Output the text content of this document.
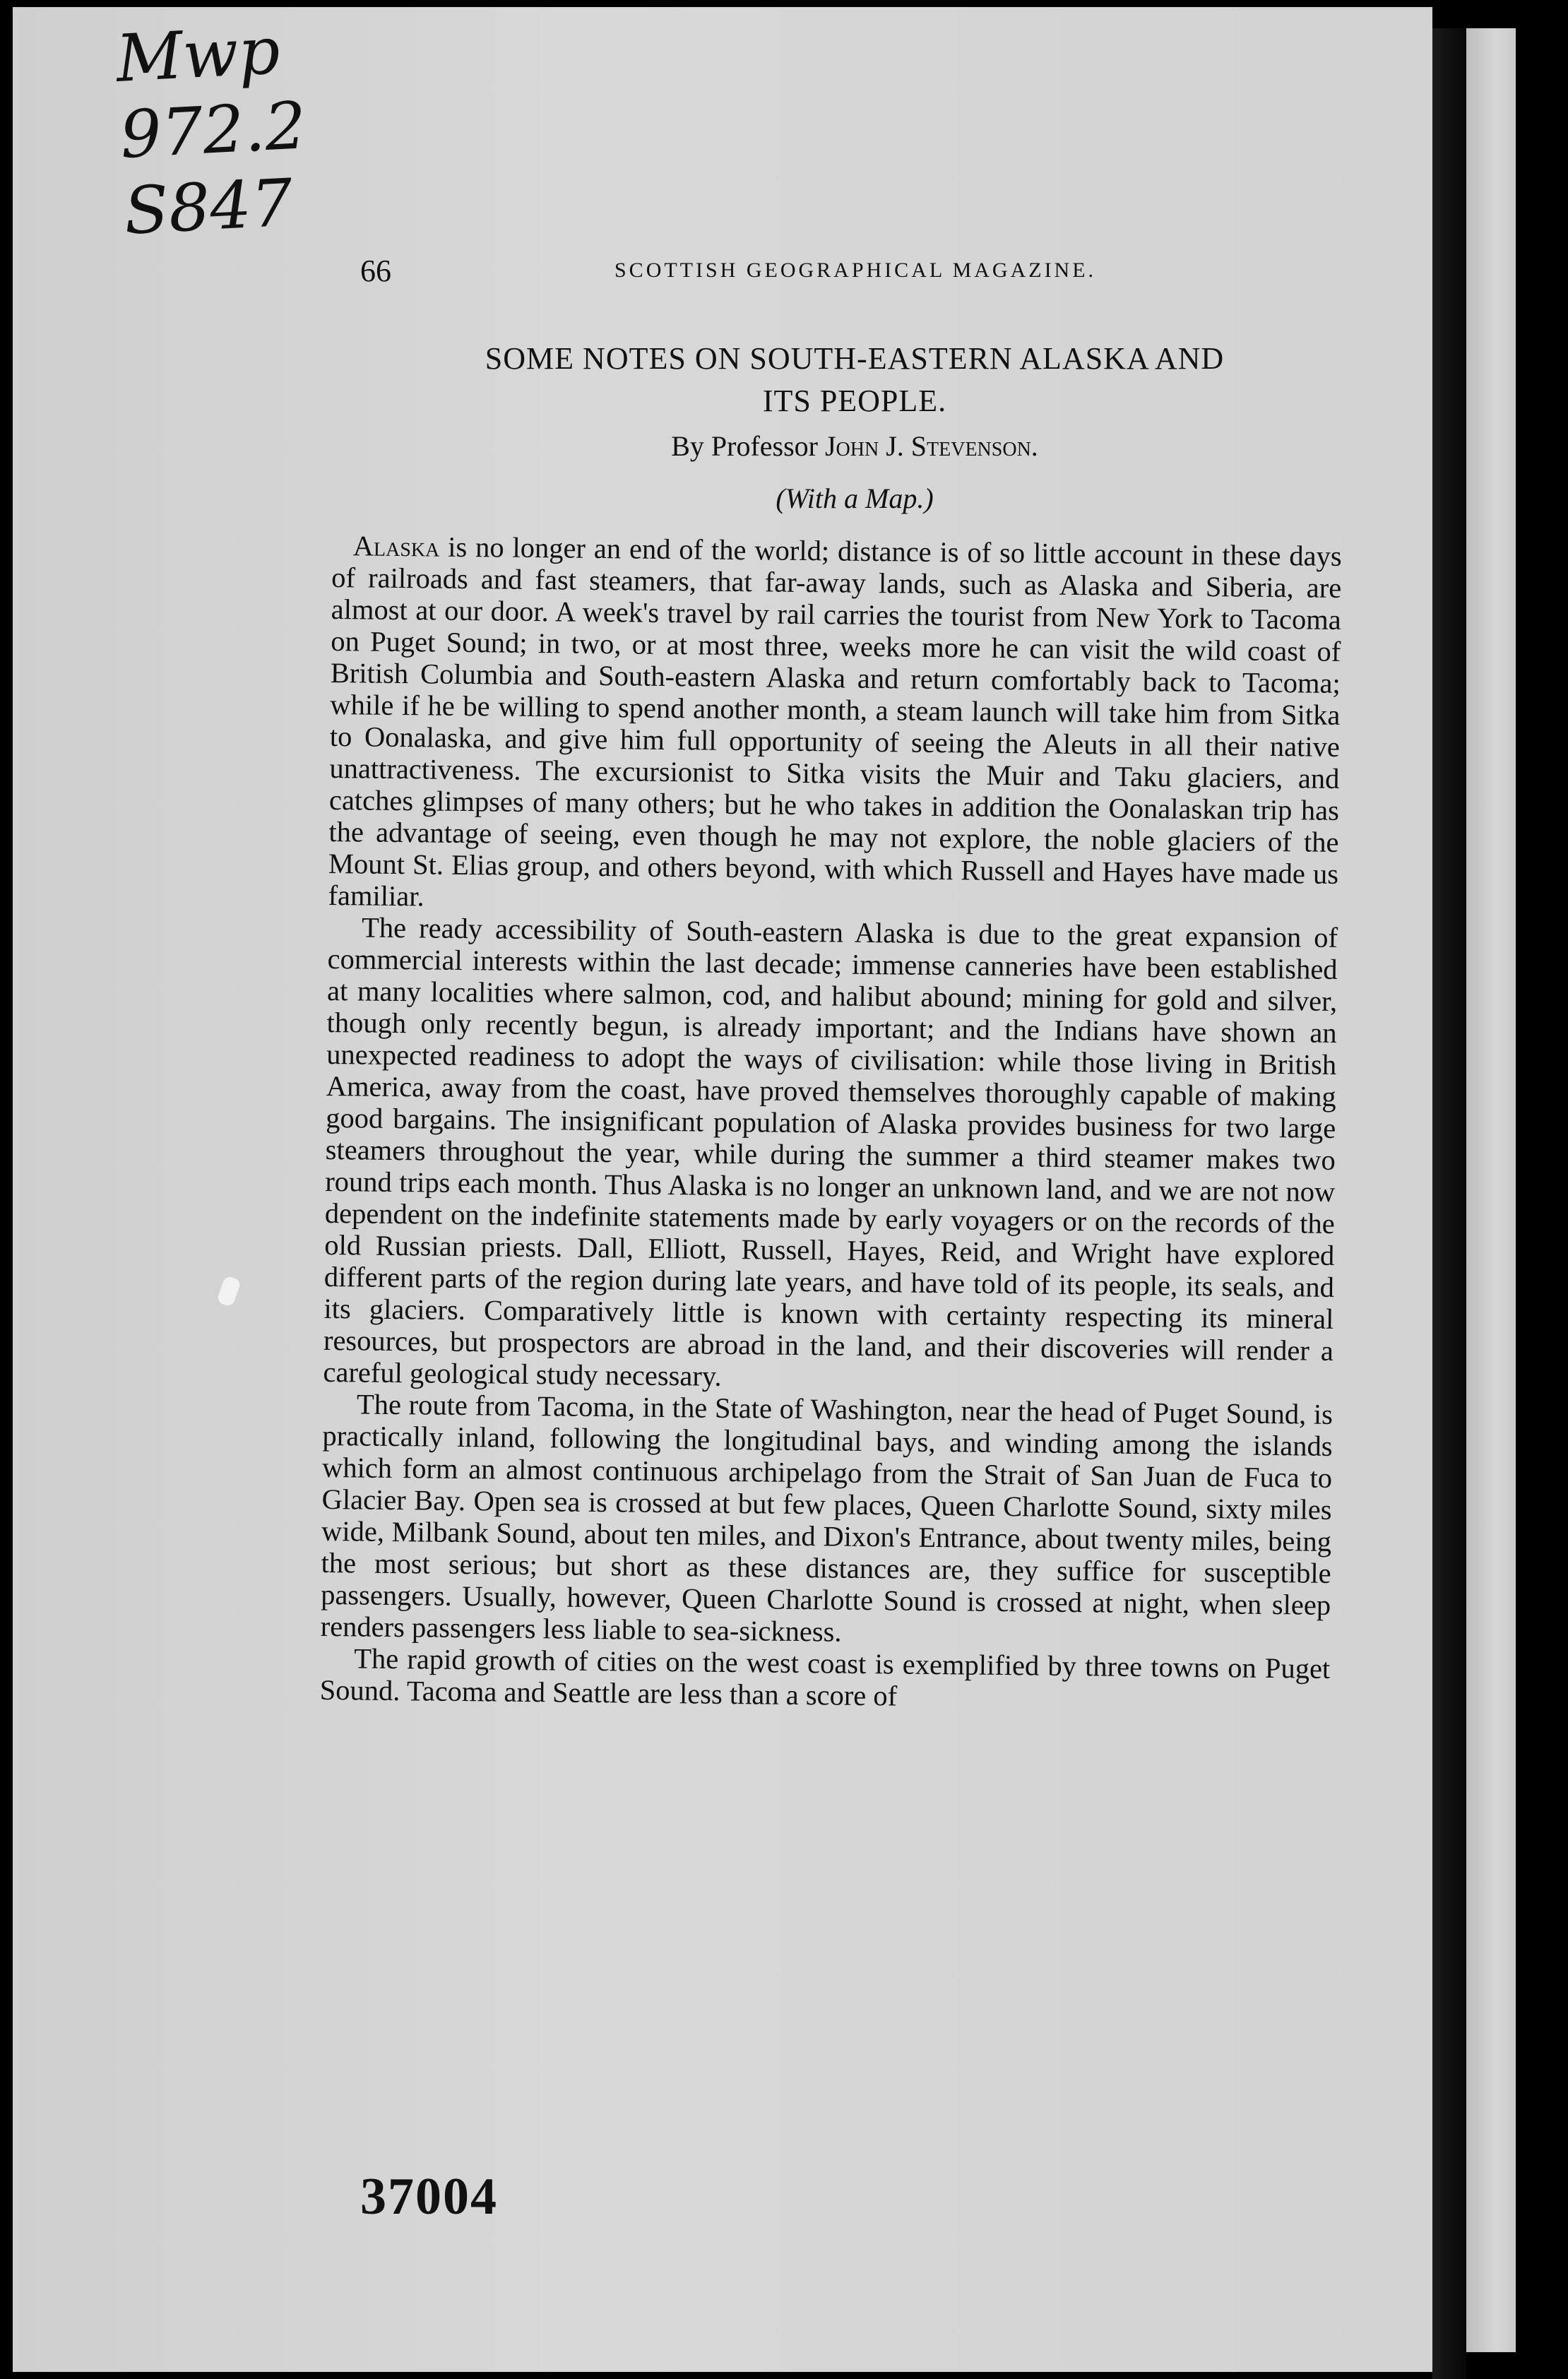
Mwp
972.2
S847
66	SCOTTISH GEOGRAPHICAL MAGAZINE.
SOME NOTES ON SOUTH-EASTERN ALASKA AND
ITS PEOPLE.
By Professor John J. Stevenson.
(With a Map.)

Alaska is no longer an end of the world; distance is of so little account in these days of railroads and fast steamers, that far-away lands, such as Alaska and Siberia, are almost at our door. A week's travel by rail carries the tourist from New York to Tacoma on Puget Sound; in two, or at most three, weeks more he can visit the wild coast of British Columbia and South-eastern Alaska and return comfortably back to Tacoma; while if he be willing to spend another month, a steam launch will take him from Sitka to Oonalaska, and give him full opportunity of seeing the Aleuts in all their native unattractiveness. The excursionist to Sitka visits the Muir and Taku glaciers, and catches glimpses of many others; but he who takes in addition the Oonalaskan trip has the advantage of seeing, even though he may not explore, the noble glaciers of the Mount St. Elias group, and others beyond, with which Russell and Hayes have made us familiar.

The ready accessibility of South-eastern Alaska is due to the great expansion of commercial interests within the last decade; immense canneries have been established at many localities where salmon, cod, and halibut abound; mining for gold and silver, though only recently begun, is already important; and the Indians have shown an unexpected readiness to adopt the ways of civilisation: while those living in British America, away from the coast, have proved themselves thoroughly capable of making good bargains. The insignificant population of Alaska provides business for two large steamers throughout the year, while during the summer a third steamer makes two round trips each month. Thus Alaska is no longer an unknown land, and we are not now dependent on the indefinite statements made by early voyagers or on the records of the old Russian priests. Dall, Elliott, Russell, Hayes, Reid, and Wright have explored different parts of the region during late years, and have told of its people, its seals, and its glaciers. Comparatively little is known with certainty respecting its mineral resources, but prospectors are abroad in the land, and their discoveries will render a careful geological study necessary.

The route from Tacoma, in the State of Washington, near the head of Puget Sound, is practically inland, following the longitudinal bays, and winding among the islands which form an almost continuous archipelago from the Strait of San Juan de Fuca to Glacier Bay. Open sea is crossed at but few places, Queen Charlotte Sound, sixty miles wide, Milbank Sound, about ten miles, and Dixon's Entrance, about twenty miles, being the most serious; but short as these distances are, they suffice for susceptible passengers. Usually, however, Queen Charlotte Sound is crossed at night, when sleep renders passengers less liable to sea-sickness.

The rapid growth of cities on the west coast is exemplified by three towns on Puget Sound. Tacoma and Seattle are less than a score of

37004
